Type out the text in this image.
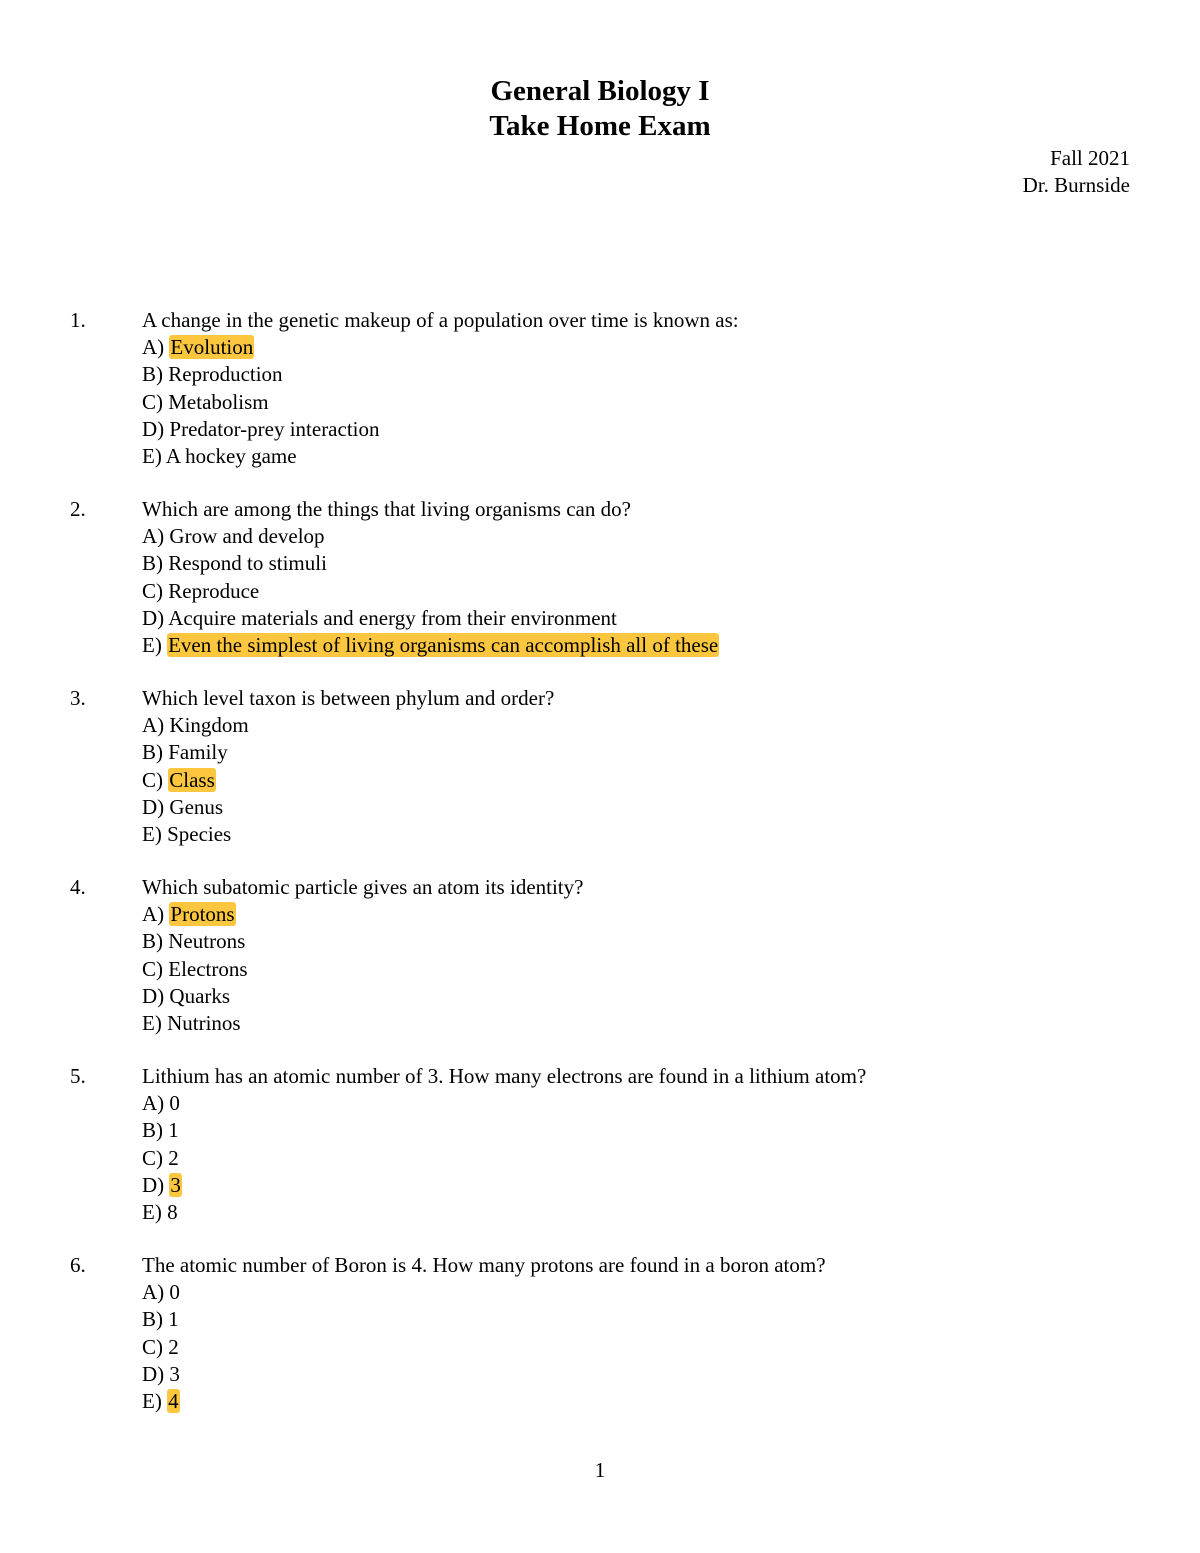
General Biology I
Take Home Exam
Fall 2021
Dr. Burnside
1.	A change in the genetic makeup of a population over time is known as:
A) Evolution
B) Reproduction
C) Metabolism
D) Predator-prey interaction
E) A hockey game
2.	Which are among the things that living organisms can do?
A) Grow and develop
B) Respond to stimuli
C) Reproduce
D) Acquire materials and energy from their environment
E) Even the simplest of living organisms can accomplish all of these
3.	Which level taxon is between phylum and order?
A) Kingdom
B) Family
C) Class
D) Genus
E) Species
4.	Which subatomic particle gives an atom its identity?
A) Protons
B) Neutrons
C) Electrons
D) Quarks
E) Nutrinos
5.	Lithium has an atomic number of 3. How many electrons are found in a lithium atom?
A) 0
B) 1
C) 2
D) 3
E) 8
6.	The atomic number of Boron is 4. How many protons are found in a boron atom?
A) 0
B) 1
C) 2
D) 3
E) 4
1
